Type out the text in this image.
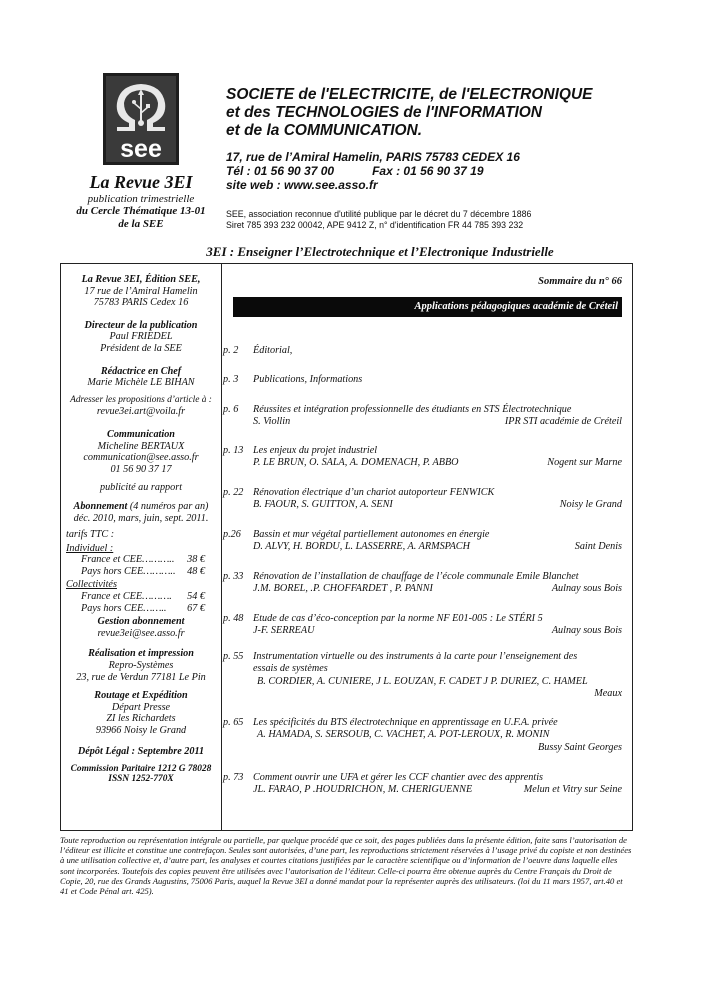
see
La Revue 3EI
publication trimestrielle
du Cercle Thématique 13-01
de la SEE
SOCIETE de l'ELECTRICITE, de l'ELECTRONIQUE
et des TECHNOLOGIES de l'INFORMATION
et de la COMMUNICATION.
17, rue de l’Amiral Hamelin, PARIS 75783 CEDEX 16
Tél : 01 56 90 37 00	Fax : 01 56 90 37 19
site web : www.see.asso.fr
SEE, association reconnue d'utilité publique par le décret du 7 décembre 1886
Siret 785 393 232 00042, APE 9412 Z, n° d'identification FR 44 785 393 232
3EI : Enseigner l’Electrotechnique et l’Electronique Industrielle
La Revue 3EI, Édition SEE,
17 rue de l’Amiral Hamelin
75783 PARIS Cedex 16
Directeur de la publication
Paul FRIEDEL
Président de la SEE
Rédactrice en Chef
Marie Michèle LE BIHAN
Adresser les propositions d’article à :
revue3ei.art@voila.fr
Communication
Micheline BERTAUX
communication@see.asso.fr
01 56 90 37 17
publicité au rapport
Abonnement (4 numéros par an)
déc. 2010, mars, juin, sept. 2011.
tarifs TTC :
Individuel :
France et CEE……….. 38 €
Pays hors CEE……….. 48 €
Collectivités
France et CEE………. 54 €
Pays hors CEE…….. 67 €
Gestion abonnement
revue3ei@see.asso.fr
Réalisation et impression
Repro-Systèmes
23, rue de Verdun 77181 Le Pin
Routage et Expédition
Départ Presse
ZI les Richardets
93966 Noisy le Grand
Dépôt Légal : Septembre 2011
Commission Paritaire 1212 G 78028
ISSN 1252-770X
Sommaire du n° 66
Applications pédagogiques académie de Créteil
p. 2 Éditorial,
p. 3 Publications, Informations
p. 6 Réussites et intégration professionnelle des étudiants en STS Électrotechnique
S. Viollin	IPR STI académie de Créteil
p. 13 Les enjeux du projet industriel
P. LE BRUN, O. SALA, A. DOMENACH, P. ABBO	Nogent sur Marne
p. 22 Rénovation électrique d’un chariot autoporteur FENWICK
B. FAOUR, S. GUITTON, A. SENI	Noisy le Grand
p.26 Bassin et mur végétal partiellement autonomes en énergie
D. ALVY, H. BORDU, L. LASSERRE, A. ARMSPACH	Saint Denis
p. 33 Rénovation de l’installation de chauffage de l’école communale Emile Blanchet
J.M. BOREL, .P. CHOFFARDET , P. PANNI	Aulnay sous Bois
p. 48 Etude de cas d’éco-conception par la norme NF E01-005 : Le STÉRI 5
J-F. SERREAU	Aulnay sous Bois
p. 55 Instrumentation virtuelle ou des instruments à la carte pour l’enseignement des
essais de systèmes
B. CORDIER, A. CUNIERE, J L. EOUZAN, F. CADET J P. DURIEZ, C. HAMEL
Meaux
p. 65 Les spécificités du BTS électrotechnique en apprentissage en U.F.A. privée
A. HAMADA, S. SERSOUB, C. VACHET, A. POT-LEROUX, R. MONIN
Bussy Saint Georges
p. 73 Comment ouvrir une UFA et gérer les CCF chantier avec des apprentis
JL. FARAO, P .HOUDRICHON, M. CHERIGUENNE	Melun et Vitry sur Seine
Toute reproduction ou représentation intégrale ou partielle, par quelque procédé que ce soit, des pages publiées dans la présente édition, faite sans l’autorisation de l’éditeur est illicite et constitue une contrefaçon. Seules sont autorisées, d’une part, les reproductions strictement réservées à l’usage privé du copiste et non destinées à une utilisation collective et, d’autre part, les analyses et courtes citations justifiées par le caractère scientifique ou d’information de l’oeuvre dans laquelle elles sont incorporées. Toutefois des copies peuvent être utilisées avec l’autorisation de l’éditeur. Celle-ci pourra être obtenue auprès du Centre Français du Droit de Copie, 20, rue des Grands Augustins, 75006 Paris, auquel la Revue 3EI a donné mandat pour la représenter auprès des utilisateurs. (loi du 11 mars 1957, art.40 et 41 et Code Pénal art. 425).
